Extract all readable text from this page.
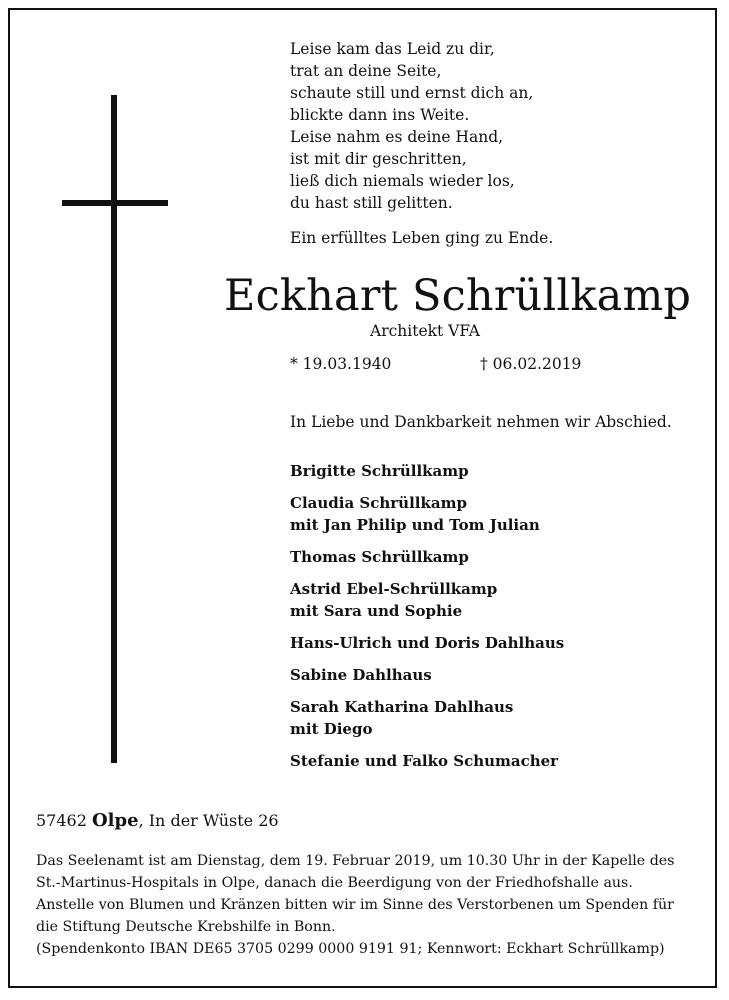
Leise kam das Leid zu dir,
trat an deine Seite,
schaute still und ernst dich an,
blickte dann ins Weite.
Leise nahm es deine Hand,
ist mit dir geschritten,
ließ dich niemals wieder los,
du hast still gelitten.
Ein erfülltes Leben ging zu Ende.
Eckhart Schrüllkamp
Architekt VFA
* 19.03.1940	† 06.02.2019
In Liebe und Dankbarkeit nehmen wir Abschied.
Brigitte Schrüllkamp
Claudia Schrüllkamp
mit Jan Philip und Tom Julian
Thomas Schrüllkamp
Astrid Ebel-Schrüllkamp
mit Sara und Sophie
Hans-Ulrich und Doris Dahlhaus
Sabine Dahlhaus
Sarah Katharina Dahlhaus
mit Diego
Stefanie und Falko Schumacher
57462 Olpe, In der Wüste 26
Das Seelenamt ist am Dienstag, dem 19. Februar 2019, um 10.30 Uhr in der Kapelle des
St.-Martinus-Hospitals in Olpe, danach die Beerdigung von der Friedhofshalle aus.
Anstelle von Blumen und Kränzen bitten wir im Sinne des Verstorbenen um Spenden für
die Stiftung Deutsche Krebshilfe in Bonn.
(Spendenkonto IBAN DE65 3705 0299 0000 9191 91; Kennwort: Eckhart Schrüllkamp)
